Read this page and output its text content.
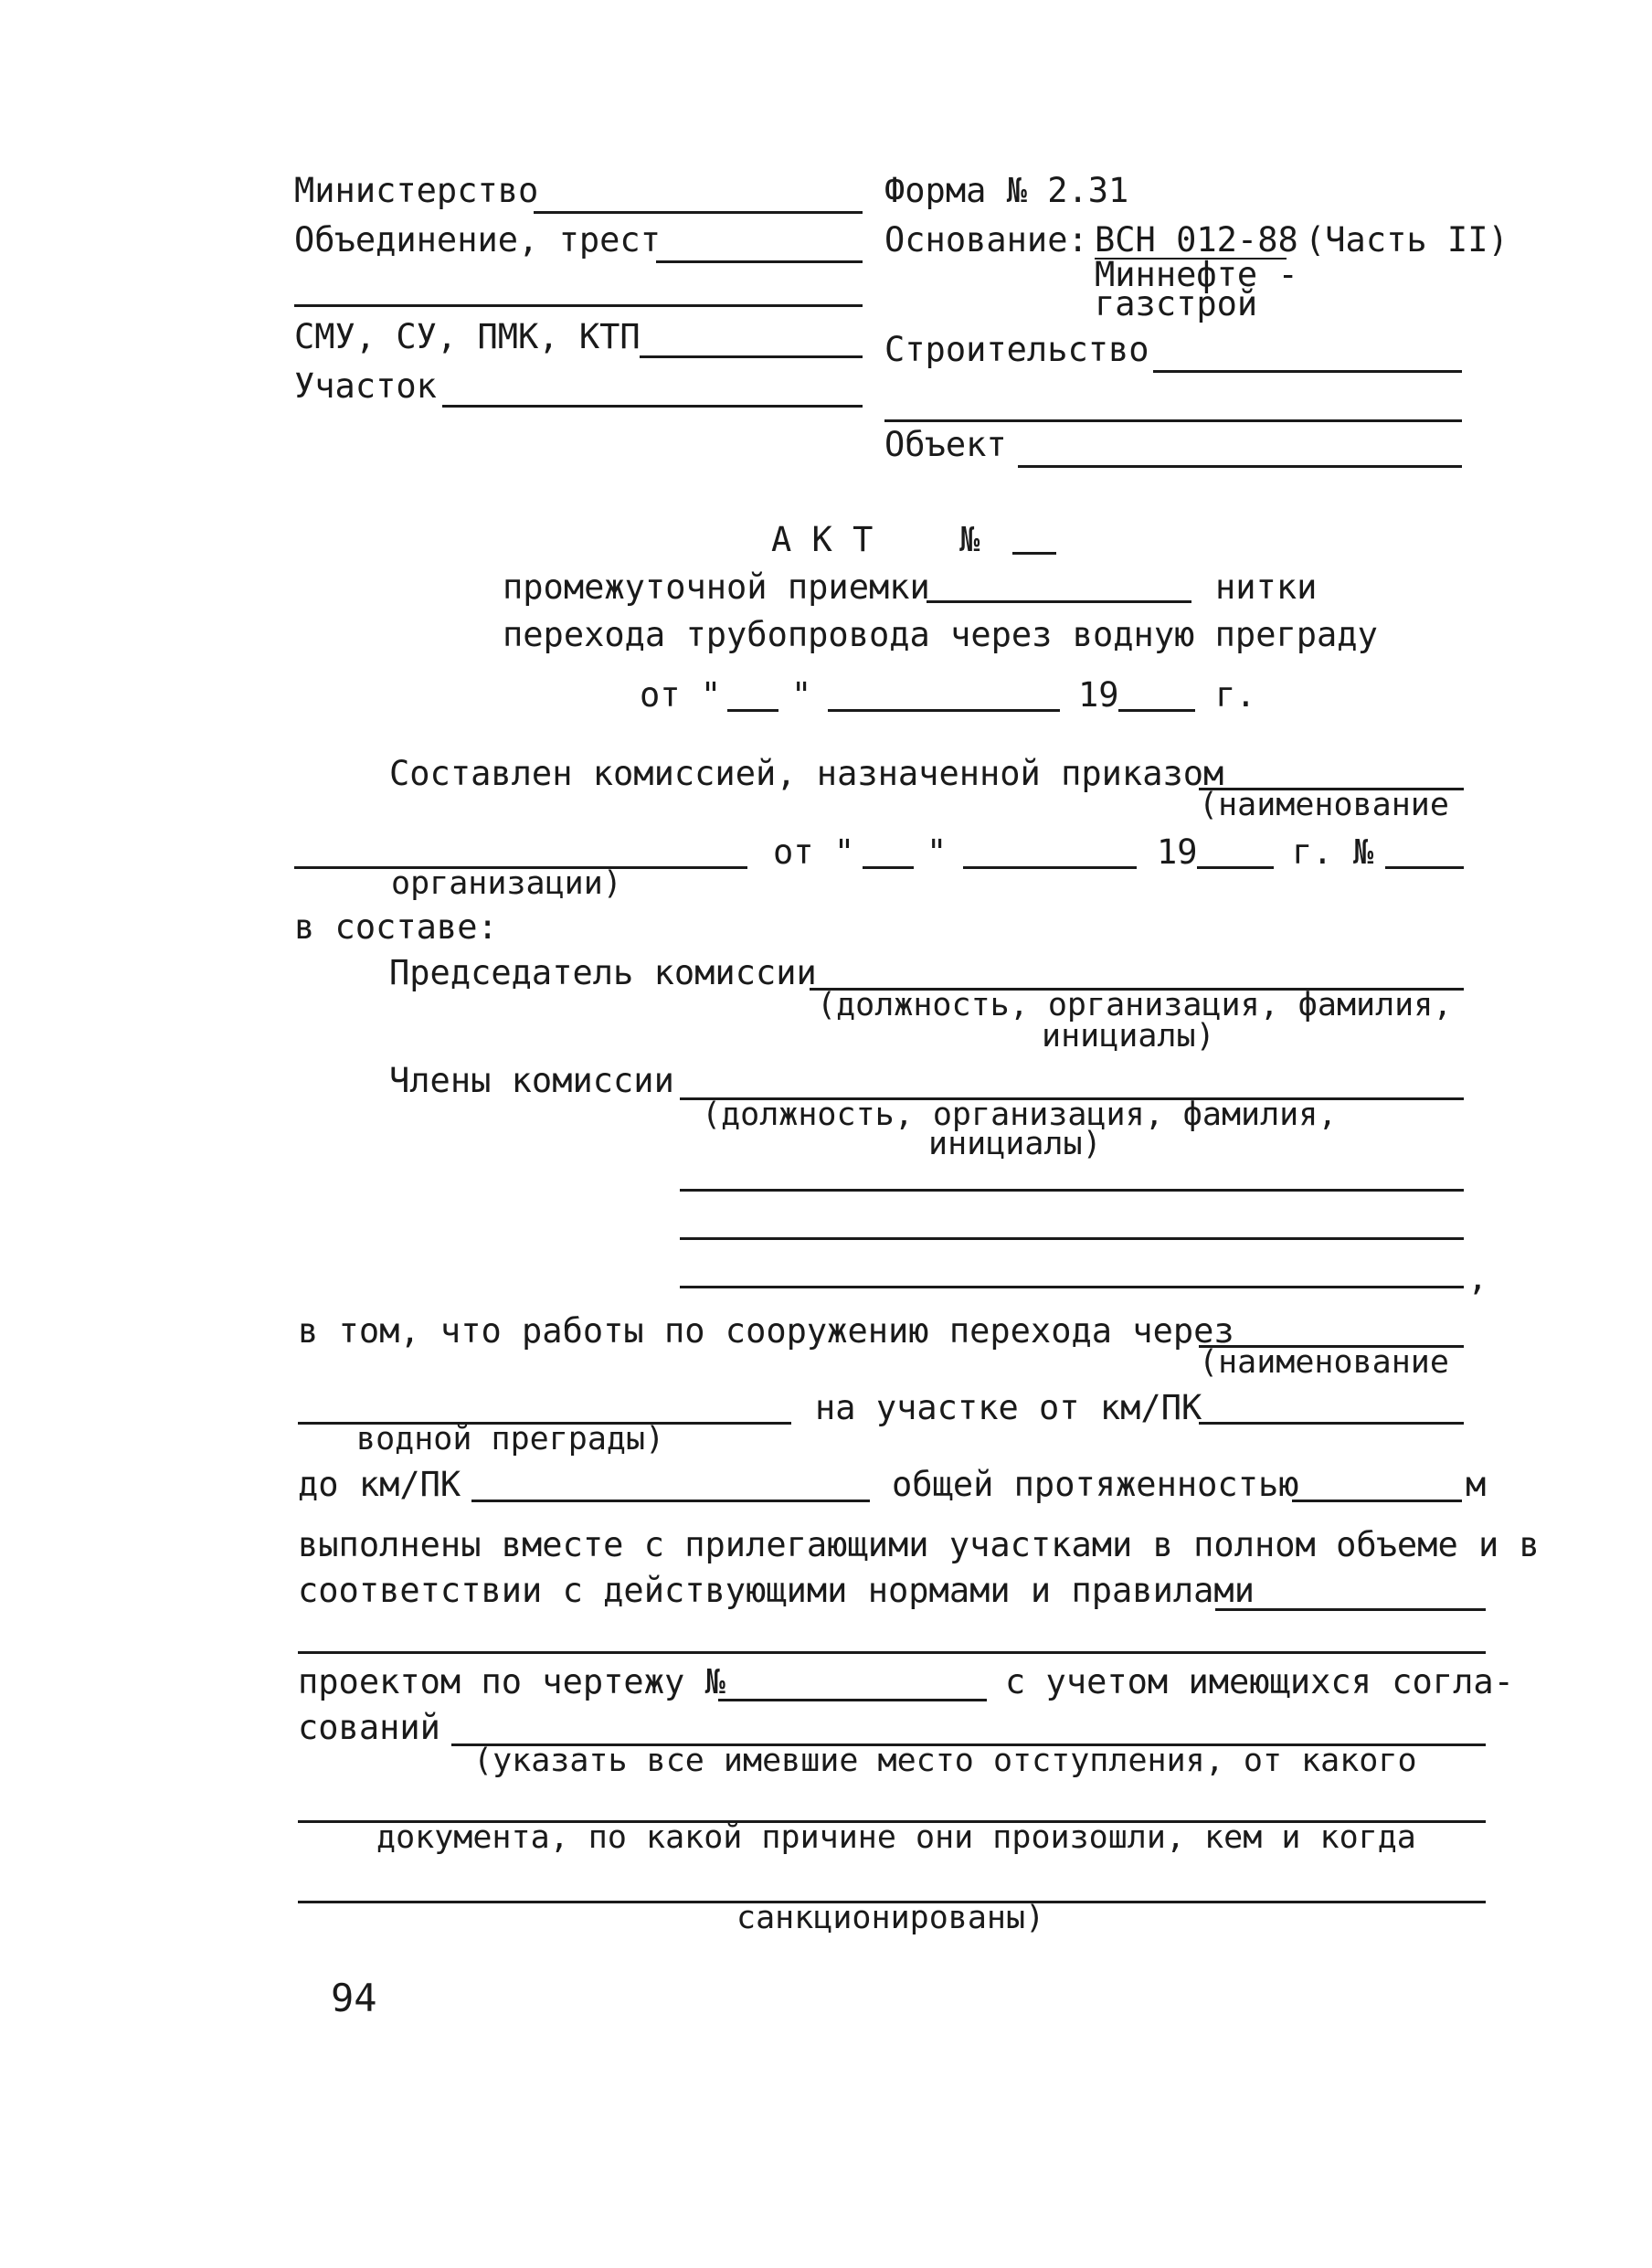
Министерство
Объединение, трест
СМУ, СУ, ПМК, КТП
Участок
Форма № 2.31
Основание: ВСН 012-88 (Часть II)
Миннефте -
газстрой
Строительство
Объект
А К Т	№
промежуточной приемки	нитки
перехода трубопровода через водную преграду
от " "	19	г.
Составлен комиссией, назначенной приказом
(наименование
от " "	19	г. №
организации)
в составе:
Председатель комиссии
(должность, организация, фамилия,
инициалы)
Члены комиссии
(должность, организация, фамилия,
инициалы)
,
в том, что работы по сооружению перехода через
(наименование
на участке от км/ПК
водной преграды)
до км/ПК	общей протяженностью	м
выполнены вместе с прилегающими участками в полном объеме и в
соответствии с действующими нормами и правилами
проектом по чертежу №	с учетом имеющихся согла-
сований
(указать все имевшие место отступления, от какого
документа, по какой причине они произошли, кем и когда
санкционированы)
94
